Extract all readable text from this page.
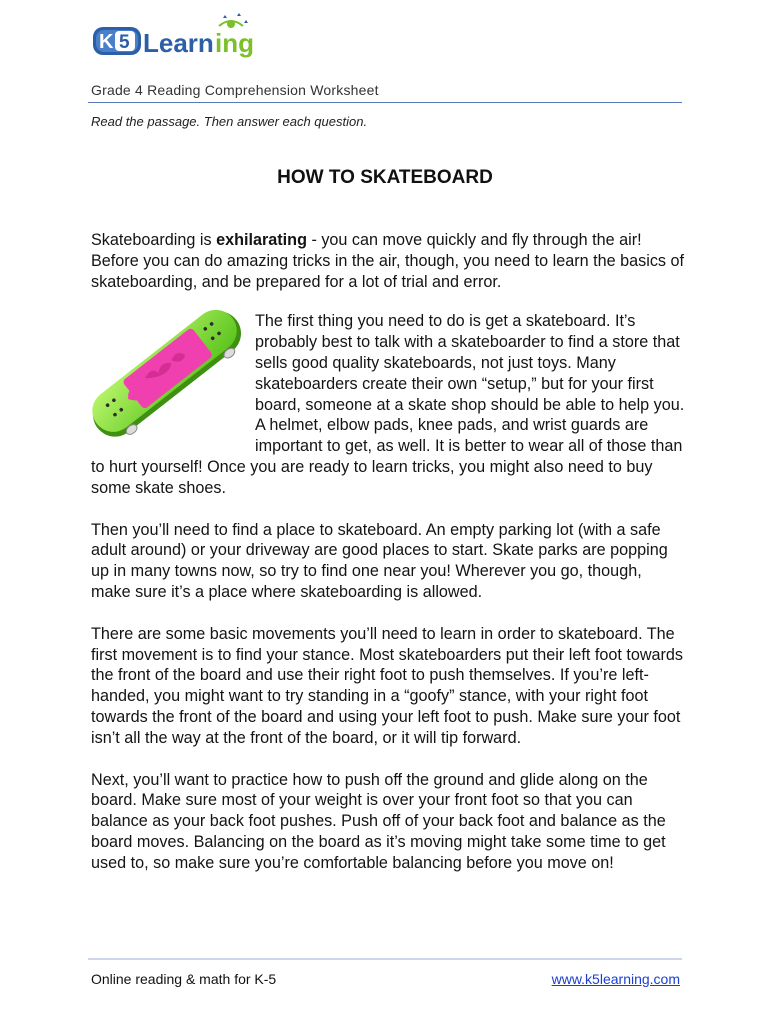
K 5 Learn ing
Grade 4 Reading Comprehension Worksheet
Read the passage. Then answer each question.
HOW TO SKATEBOARD

Skateboarding is exhilarating - you can move quickly and fly through the air! Before you can do amazing tricks in the air, though, you need to learn the basics of skateboarding, and be prepared for a lot of trial and error.

The first thing you need to do is get a skateboard. It’s probably best to talk with a skateboarder to find a store that sells good quality skateboards, not just toys. Many skateboarders create their own “setup,” but for your first board, someone at a skate shop should be able to help you. A helmet, elbow pads, knee pads, and wrist guards are important to get, as well. It is better to wear all of those than to hurt yourself! Once you are ready to learn tricks, you might also need to buy some skate shoes.

Then you’ll need to find a place to skateboard. An empty parking lot (with a safe adult around) or your driveway are good places to start. Skate parks are popping up in many towns now, so try to find one near you! Wherever you go, though, make sure it’s a place where skateboarding is allowed.

There are some basic movements you’ll need to learn in order to skateboard. The first movement is to find your stance. Most skateboarders put their left foot towards the front of the board and use their right foot to push themselves. If you’re left-handed, you might want to try standing in a “goofy” stance, with your right foot towards the front of the board and using your left foot to push. Make sure your foot isn’t all the way at the front of the board, or it will tip forward.

Next, you’ll want to practice how to push off the ground and glide along on the board. Make sure most of your weight is over your front foot so that you can balance as your back foot pushes. Push off of your back foot and balance as the board moves. Balancing on the board as it’s moving might take some time to get used to, so make sure you’re comfortable balancing before you move on!

Online reading & math for K-5	www.k5learning.com
